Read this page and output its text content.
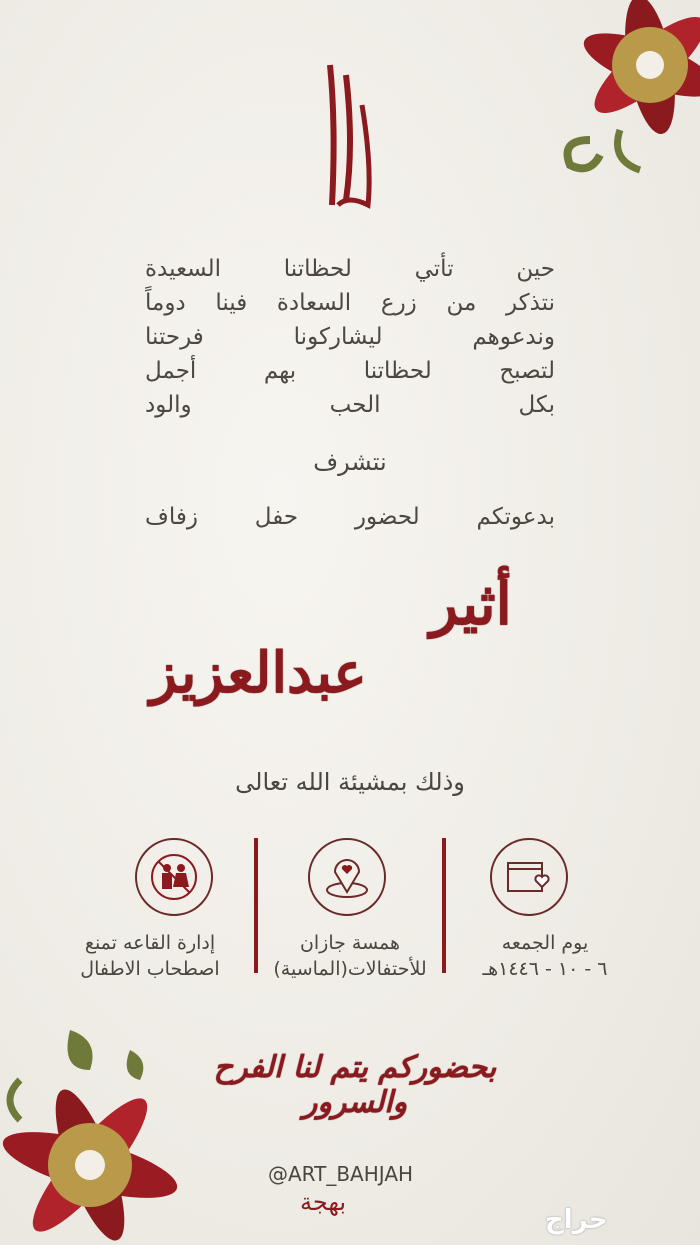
حين تأتي لحظاتنا السعيدة
نتذكر من زرع السعادة فينا دوماً
وندعوهم ليشاركونا فرحتنا
لتصبح لحظاتنا بهم أجمل
بكل الحب والود
نتشرف
بدعوتكم لحضور حفل زفاف
أثير
عبدالعزيز
وذلك بمشيئة الله تعالى
يوم الجمعه
٦ - ١٠ - ١٤٤٦هـ
همسة جازان
للأحتفالات(الماسية)
إدارة القاعه تمنع
اصطحاب الاطفال
بحضوركم يتم لنا الفرح والسرور
@ART_BAHJAH
بهجة
حراج
